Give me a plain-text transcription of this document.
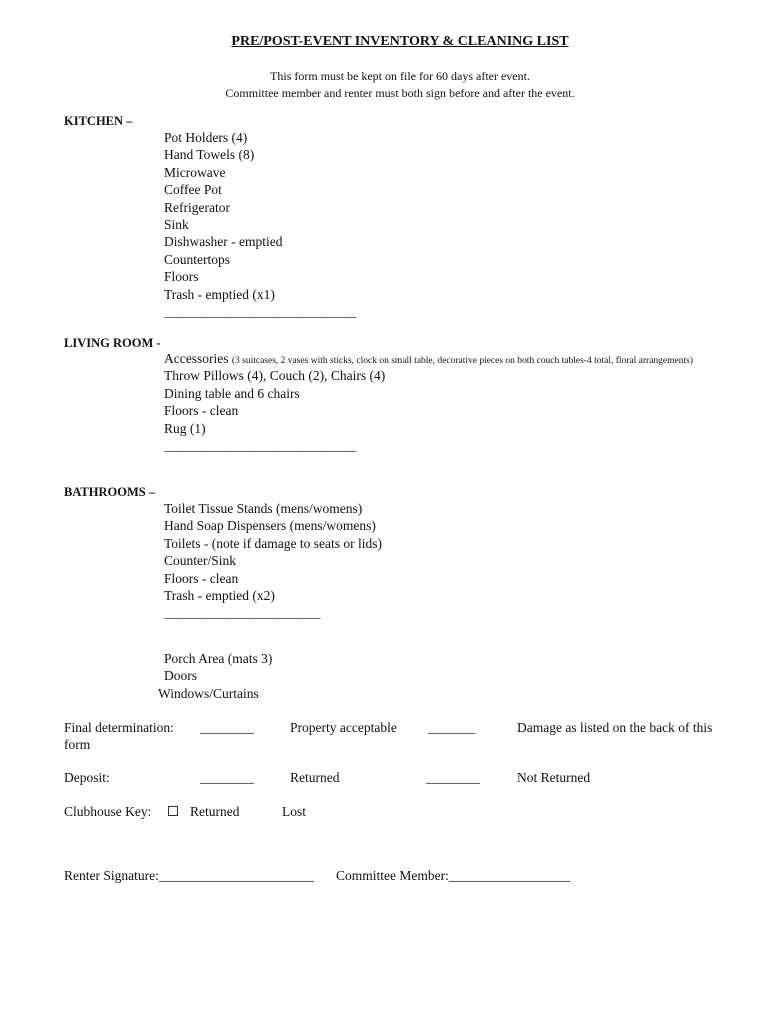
PRE/POST-EVENT INVENTORY & CLEANING LIST
This form must be kept on file for 60 days after event.
Committee member and renter must both sign before and after the event.
KITCHEN –
Pot Holders (4)
Hand Towels (8)
Microwave
Coffee Pot
Refrigerator
Sink
Dishwasher - emptied
Countertops
Floors
Trash - emptied (x1)
________________________________
LIVING ROOM -
Accessories (3 suitcases, 2 vases with sticks, clock on small table, decorative pieces on both couch tables-4 total, floral arrangements)
Throw Pillows (4), Couch (2), Chairs (4)
Dining table and 6 chairs
Floors - clean
Rug (1)
________________________________
BATHROOMS –
Toilet Tissue Stands (mens/womens)
Hand Soap Dispensers (mens/womens)
Toilets - (note if damage to seats or lids)
Counter/Sink
Floors - clean
Trash - emptied (x2)
__________________________
Porch Area (mats 3)
Doors
Windows/Curtains
Final determination: ________	Property acceptable _______	Damage as listed on the back of this
form
Deposit:	________	Returned	________	Not Returned
Clubhouse Key:	Returned	Lost
Renter Signature:_______________________ Committee Member:__________________
